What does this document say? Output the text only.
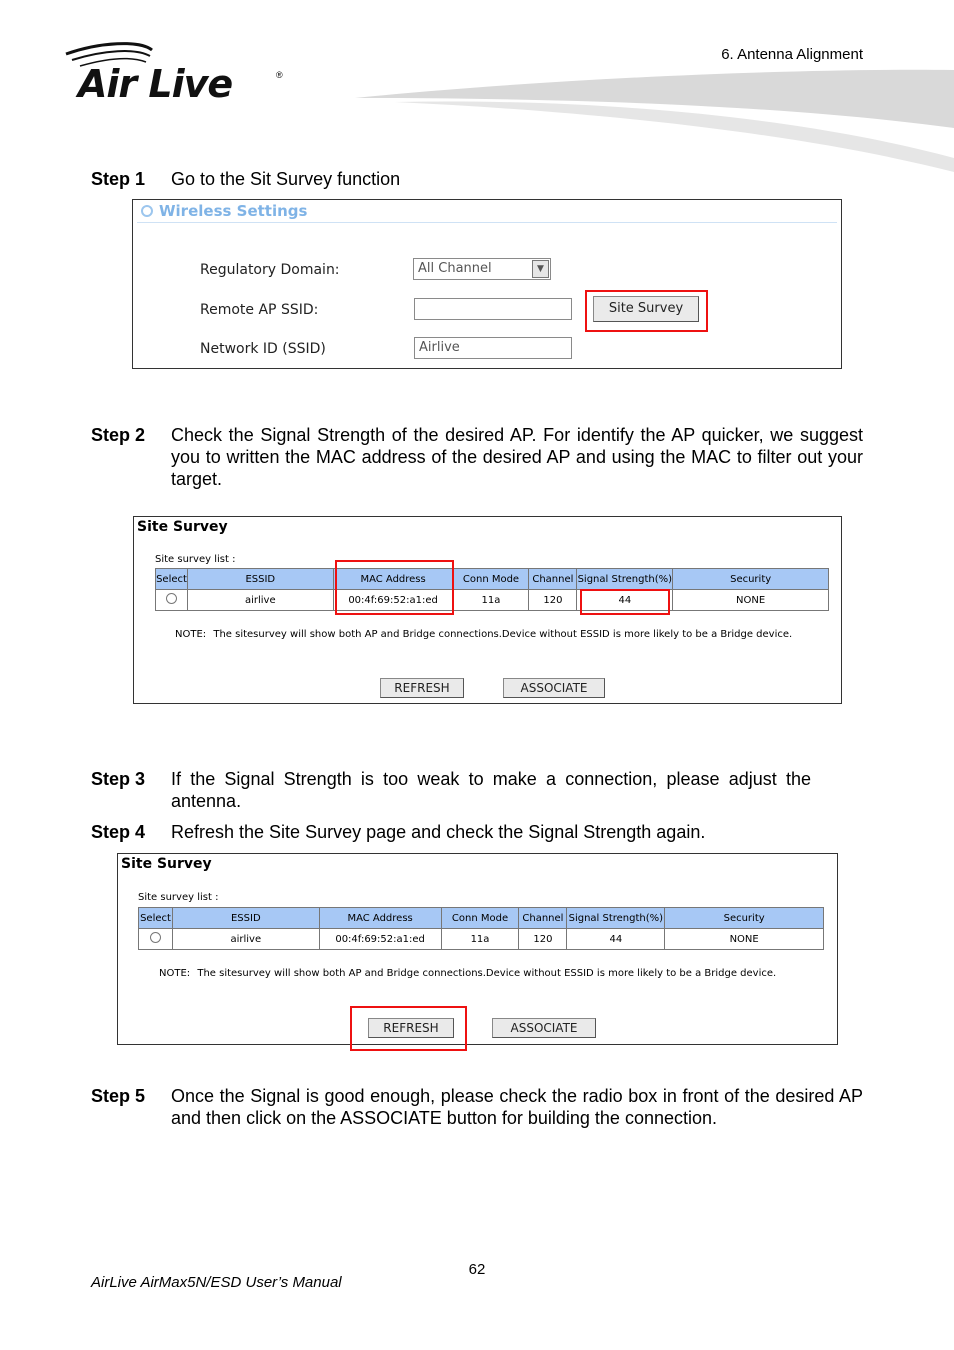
Air Live	®
6. Antenna Alignment
Step 1 Go to the Sit Survey function
Wireless Settings
Regulatory Domain:	All Channel	▼
Remote AP SSID:	Site Survey
Network ID (SSID)	Airlive
Step 2 Check the Signal Strength of the desired AP. For identify the AP quicker, we suggest you to written the MAC address of the desired AP and using the MAC to filter out your target.
Site Survey
Site survey list :
Select	ESSID	MAC Address	Conn Mode	Channel	Signal Strength(%)	Security
	airlive	00:4f:69:52:a1:ed	11a	120	44	NONE
NOTE: The sitesurvey will show both AP and Bridge connections.Device without ESSID is more likely to be a Bridge device.
REFRESH	ASSOCIATE
Step 3 If the Signal Strength is too weak to make a connection, please adjust the antenna.
Step 4 Refresh the Site Survey page and check the Signal Strength again.
Site Survey
Site survey list :
Select	ESSID	MAC Address	Conn Mode	Channel	Signal Strength(%)	Security
	airlive	00:4f:69:52:a1:ed	11a	120	44	NONE
NOTE: The sitesurvey will show both AP and Bridge connections.Device without ESSID is more likely to be a Bridge device.
REFRESH	ASSOCIATE
Step 5 Once the Signal is good enough, please check the radio box in front of the desired AP and then click on the ASSOCIATE button for building the connection.
62
AirLive AirMax5N/ESD User’s Manual
